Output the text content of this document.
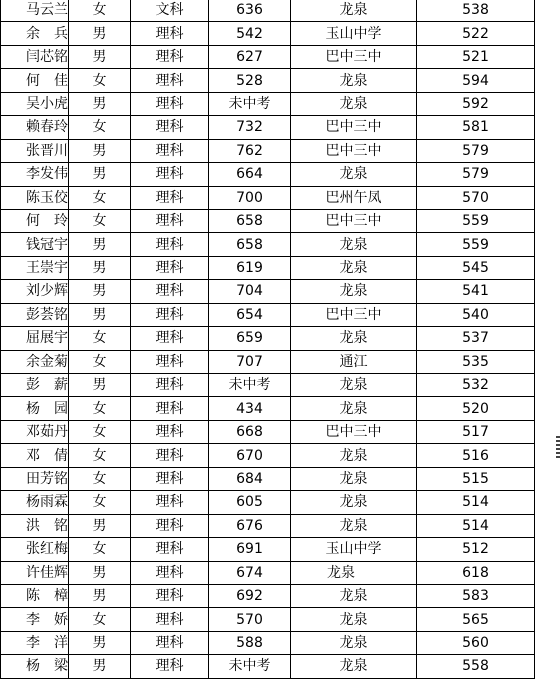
马云兰	女	文科	636	龙泉	538
余　兵	男	理科	542	玉山中学	522
闫芯铭	男	理科	627	巴中三中	521
何　佳	女	理科	528	龙泉	594
吴小虎	男	理科	未中考	龙泉	592
赖春玲	女	理科	732	巴中三中	581
张晋川	男	理科	762	巴中三中	579
李发伟	男	理科	664	龙泉	579
陈玉佼	女	理科	700	巴州午凤	570
何　玲	女	理科	658	巴中三中	559
钱冠宇	男	理科	658	龙泉	559
王崇宇	男	理科	619	龙泉	545
刘少辉	男	理科	704	龙泉	541
彭荟铭	男	理科	654	巴中三中	540
屈展宇	女	理科	659	龙泉	537
余金菊	女	理科	707	通江	535
彭　薪	男	理科	未中考	龙泉	532
杨　园	女	理科	434	龙泉	520
邓茹丹	女	理科	668	巴中三中	517
邓　倩	女	理科	670	龙泉	516
田芳铭	女	理科	684	龙泉	515
杨雨霖	女	理科	605	龙泉	514
洪　铭	男	理科	676	龙泉	514
张红梅	女	理科	691	玉山中学	512
许佳辉	男	理科	674	龙泉	618
陈　樟	男	理科	692	龙泉	583
李　娇	女	理科	570	龙泉	565
李　洋	男	理科	588	龙泉	560
杨　梁	男	理科	未中考	龙泉	558
